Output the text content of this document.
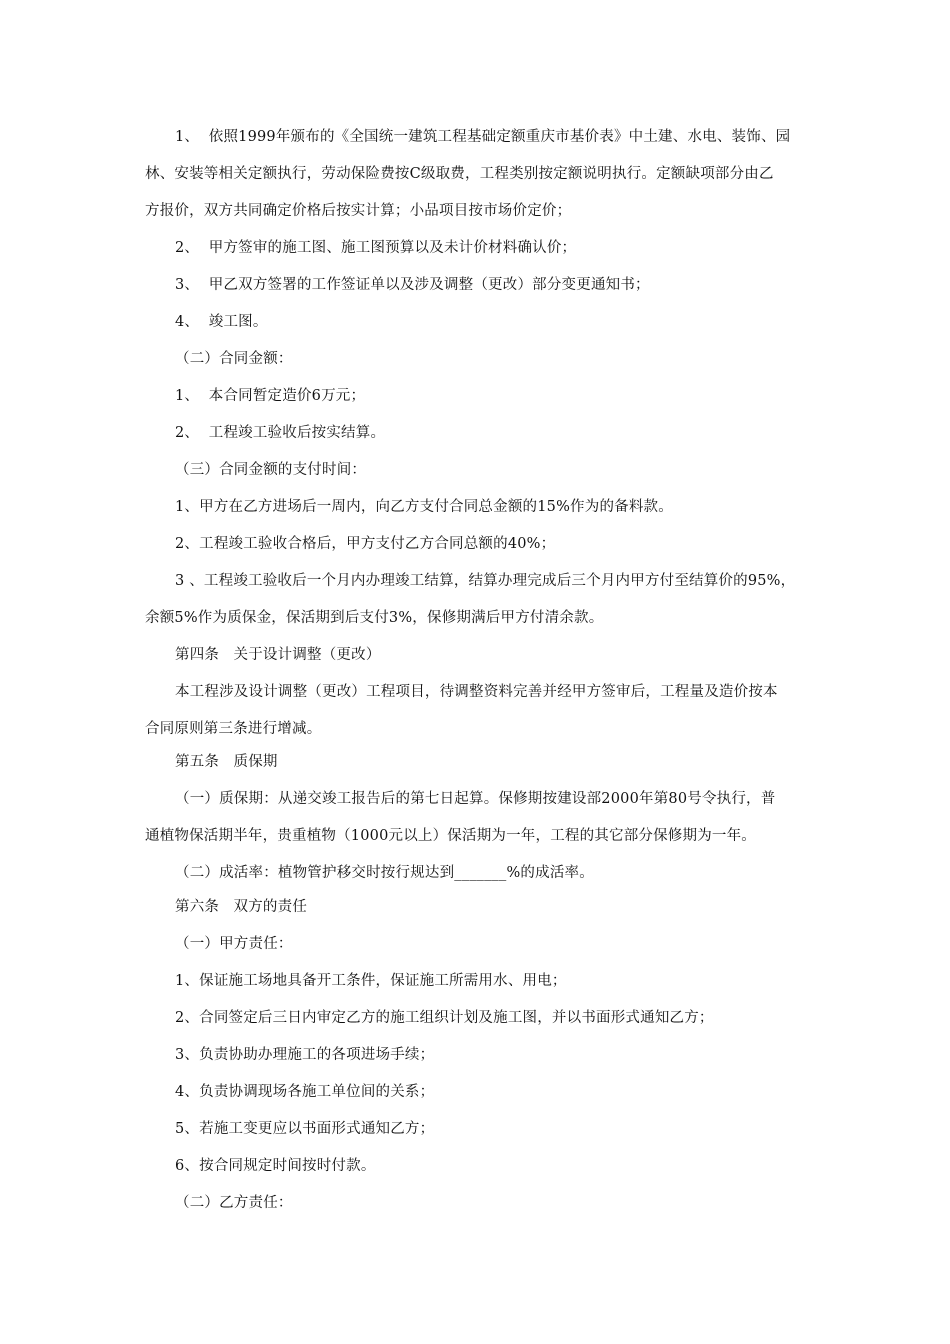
1、  依照1999年颁布的《全国统一建筑工程基础定额重庆市基价表》中土建、水电、装饰、园
林、安装等相关定额执行，劳动保险费按C级取费，工程类别按定额说明执行。定额缺项部分由乙
方报价，双方共同确定价格后按实计算；小品项目按市场价定价；
2、  甲方签审的施工图、施工图预算以及未计价材料确认价；
3、  甲乙双方签署的工作签证单以及涉及调整（更改）部分变更通知书；
4、  竣工图。
（二）合同金额：
1、  本合同暂定造价6万元；
2、  工程竣工验收后按实结算。
（三）合同金额的支付时间：
1、甲方在乙方进场后一周内，向乙方支付合同总金额的15%作为的备料款。
2、工程竣工验收合格后，甲方支付乙方合同总额的40%；
3 、工程竣工验收后一个月内办理竣工结算，结算办理完成后三个月内甲方付至结算价的95%，
余额5%作为质保金，保活期到后支付3%，保修期满后甲方付清余款。
第四条   关于设计调整（更改）
本工程涉及设计调整（更改）工程项目，待调整资料完善并经甲方签审后，工程量及造价按本
合同原则第三条进行增减。
第五条   质保期
（一）质保期：从递交竣工报告后的第七日起算。保修期按建设部2000年第80号令执行，普
通植物保活期半年，贵重植物（1000元以上）保活期为一年，工程的其它部分保修期为一年。
（二）成活率：植物管护移交时按行规达到_______%的成活率。
第六条   双方的责任
（一）甲方责任：
1、保证施工场地具备开工条件，保证施工所需用水、用电；
2、合同签定后三日内审定乙方的施工组织计划及施工图，并以书面形式通知乙方；
3、负责协助办理施工的各项进场手续；
4、负责协调现场各施工单位间的关系；
5、若施工变更应以书面形式通知乙方；
6、按合同规定时间按时付款。
（二）乙方责任：
